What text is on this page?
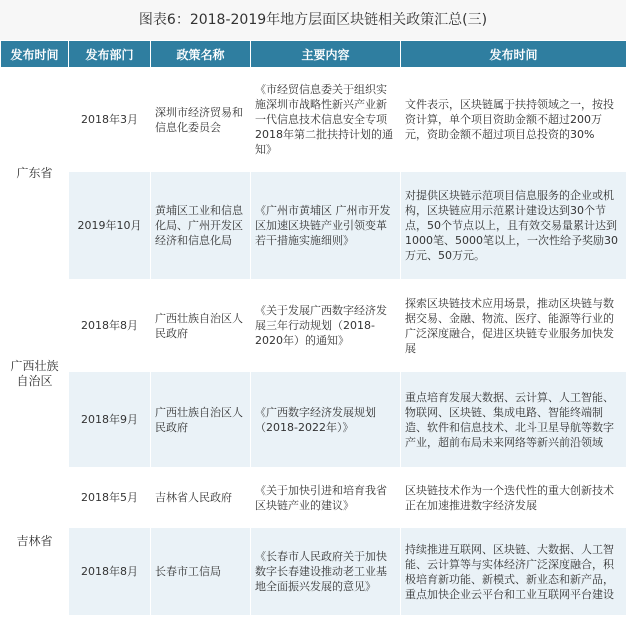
图表6：2018-2019年地方层面区块链相关政策汇总(三)
发布时间	发布部门	政策名称	主要内容	发布时间
广东省	2018年3月	深圳市经济贸易和信息化委员会	《市经贸信息委关于组织实施深圳市战略性新兴产业新一代信息技术信息安全专项2018年第二批扶持计划的通知》	文件表示，区块链属于扶持领域之一，按投资计算，单个项目资助金额不超过200万元，资助金额不超过项目总投资的30%
	2019年10月	黄埔区工业和信息化局、广州开发区经济和信息化局	《广州市黄埔区 广州市开发区加速区块链产业引领变革若干措施实施细则》	对提供区块链示范项目信息服务的企业或机构，区块链应用示范累计建设达到30个节点，50个节点以上，且有效交易量累计达到1000笔、5000笔以上，一次性给予奖励30万元、50万元。
广西壮族自治区	2018年8月	广西壮族自治区人民政府	《关于发展广西数字经济发展三年行动规划（2018-2020年）的通知》	探索区块链技术应用场景，推动区块链与数据交易、金融、物流、医疗、能源等行业的广泛深度融合，促进区块链专业服务加快发展
	2018年9月	广西壮族自治区人民政府	《广西数字经济发展规划（2018-2022年）》	重点培育发展大数据、云计算、人工智能、物联网、区块链、集成电路、智能终端制造、软件和信息技术、北斗卫星导航等数字产业，超前布局未来网络等新兴前沿领域
吉林省	2018年5月	吉林省人民政府	《关于加快引进和培育我省区块链产业的建议》	区块链技术作为一个迭代性的重大创新技术正在加速推进数字经济发展
	2018年8月	长春市工信局	《长春市人民政府关于加快数字长春建设推动老工业基地全面振兴发展的意见》	持续推进互联网、区块链、大数据、人工智能、云计算等与实体经济广泛深度融合，积极培育新功能、新模式、新业态和新产品，重点加快企业云平台和工业互联网平台建设
